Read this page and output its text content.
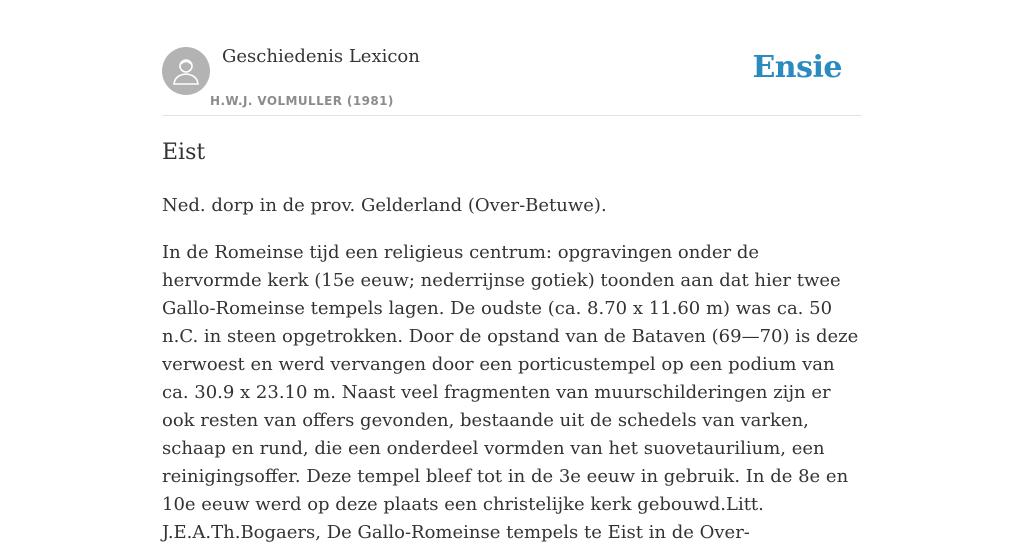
Geschiedenis Lexicon
H.W.J. VOLMULLER (1981)
Ensie
Eist

Ned. dorp in de prov. Gelderland (Over-Betuwe).

In de Romeinse tijd een religieus centrum: opgravingen onder de hervormde kerk (15e eeuw; nederrijnse gotiek) toonden aan dat hier twee Gallo-Romeinse tempels lagen. De oudste (ca. 8.70 x 11.60 m) was ca. 50 n.C. in steen opgetrokken. Door de opstand van de Bataven (69—70) is deze verwoest en werd vervangen door een porticustempel op een podium van ca. 30.9 x 23.10 m. Naast veel fragmenten van muurschilderingen zijn er ook resten van offers gevonden, bestaande uit de schedels van varken, schaap en rund, die een onderdeel vormden van het suovetaurilium, een reinigingsoffer. Deze tempel bleef tot in de 3e eeuw in gebruik. In de 8e en 10e eeuw werd op deze plaats een christelijke kerk gebouwd.Litt. J.E.A.Th.Bogaers, De Gallo-Romeinse tempels te Eist in de Over-
